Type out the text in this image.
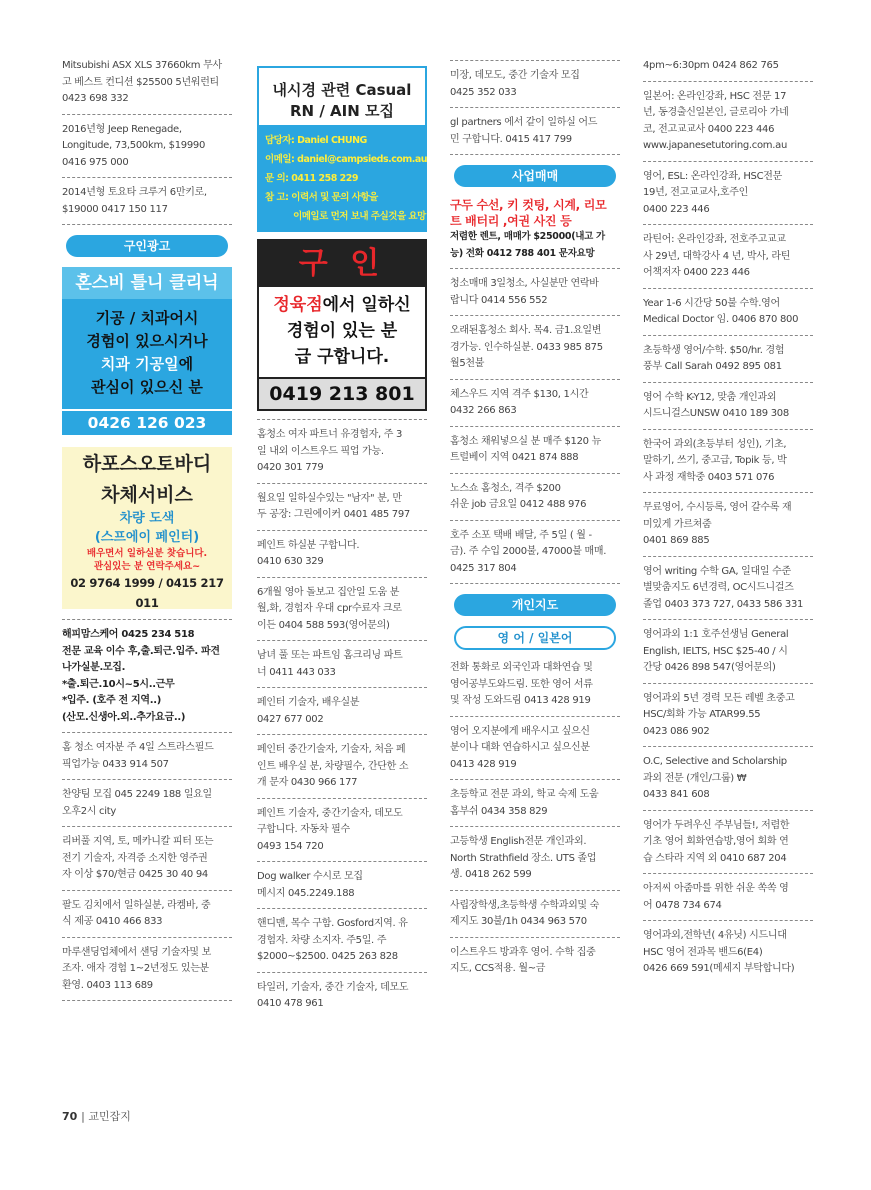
Mitsubishi ASX XLS 37660km 무사
고 베스트 컨디션 $25500 5년워런티
0423 698 332

2016년형 Jeep Renegade,
Longitude, 73,500km, $19990
0416 975 000

2014년형 토요타 크루거 6만키로,
$19000 0417 150 117

구인광고
혼스비 틀니 클리닉
기공 / 치과어시
경험이 있으시거나
치과 기공일에
관심이 있으신 분
0426 126 023
하포스오토바디
차체서비스
차량 도색
(스프에이 페인터)
배우면서 일하실분 찾습니다.
관심있는 분 연락주세요~
02 9764 1999 / 0415 217 011

해피맘스케어 0425 234 518
전문 교육 이수 후,출.퇴근.입주. 파견
나가실분.모집.
*출.퇴근.10시~5시..근무
*입주. (호주 전 지역..)
(산모.신생아.외..추가요금..)

홈 청소 여자분 주 4일 스트라스필드
픽업가능 0433 914 507

찬양팀 모집 045 2249 188 일요일
오후2시 city

리버풀 지역, 토, 메카니칼 피터 또는
전기 기술자, 자격증 소지한 영주권
자 이상 $70/현금 0425 30 40 94

팔도 김치에서 일하실분, 라켐바, 중
식 제공 0410 466 833

마루샌딩업체에서 샌딩 기술자및 보
조자. 애자 경험 1~2년정도 있는분
환영. 0403 113 689

내시경 관련 Casual
RN / AIN 모집
담당자: Daniel CHUNG
이메일: daniel@campsieds.com.au
문 의: 0411 258 229
참 고: 이력서 및 문의 사항을
이메일로 먼저 보내 주실것을 요망
구 인
정육점에서 일하신
경험이 있는 분
급 구합니다.
0419 213 801

홈청소 여자 파트너 유경험자, 주 3
일 내외 이스트우드 픽업 가능.
0420 301 779

월요일 일하실수있는 "남자" 분, 만
두 공장: 그린에이커 0401 485 797

페인트 하실분 구합니다.
0410 630 329

6개월 영아 돌보고 집안일 도움 분
월,화, 경험자 우대 cpr수료자 크로
이든 0404 588 593(영어문의)

남녀 풀 또는 파트임 홈크리닝 파트
너 0411 443 033

페인터 기술자, 배우실분
0427 677 002

페인터 중간기술자, 기술자, 처음 페
인트 배우실 분, 차량필수, 간단한 소
개 문자 0430 966 177

페인트 기술자, 중간기술자, 데모도
구합니다. 자동차 필수
0493 154 720

Dog walker 수시로 모집
메시지 045.2249.188

핸디맨, 목수 구함. Gosford지역. 유
경험자. 차량 소지자. 주5일. 주
$2000~$2500. 0425 263 828

타일러, 기술자, 중간 기술자, 데모도
0410 478 961

미장, 데모도, 중간 기술자 모집
0425 352 033

gl partners 에서 같이 일하실 어드
민 구합니다. 0415 417 799

사업매매

구두 수선, 키 컷팅, 시계, 리모
트 배터리 ,여권 사진 등

저렴한 렌트, 매매가 $25000(내고 가
능) 전화 0412 788 401 문자요망

청소매매 3일청소, 사실분만 연락바
랍니다 0414 556 552

오래된홈청소 회사. 목4. 금1.요일변
경가능. 인수하실분. 0433 985 875
월5천불

체스우드 지역 격주 $130, 1시간
0432 266 863

홈청소 채워넣으실 분 매주 $120 뉴
트럴베이 지역 0421 874 888

노스쇼 홈청소, 격주 $200
쉬운 job 금요일 0412 488 976

호주 소포 택배 배달, 주 5일 ( 월 -
금). 주 수입 2000불, 47000불 매매.
0425 317 804

개인지도
영 어 / 일본어

전화 통화로 외국인과 대화연습 및
영어공부도와드림. 또한 영어 서류
및 작성 도와드림 0413 428 919

영어 오지분에게 배우시고 싶으신
분이나 대화 연습하시고 싶으신분
0413 428 919

초등학교 전문 과외, 학교 숙제 도움
홈부쉬 0434 358 829

고등학생 English전문 개인과외.
North Strathfield 장소. UTS 졸업
생. 0418 262 599

사립장학생,초등학생 수학과외및 숙
제지도 30불/1h 0434 963 570

이스트우드 방과후 영어. 수학 집중
지도, CCS적용. 월~금

4pm~6:30pm 0424 862 765

일본어: 온라인강좌, HSC 전문 17
년, 동경출신일본인, 글로리아 가네
코, 전고교교사 0400 223 446
www.japanesetutoring.com.au

영어, ESL: 온라인강좌, HSC전문
19년, 전고교교사,호주인
0400 223 446

라틴어: 온라인강좌, 전호주고교교
사 29년, 대학강사 4 년, 박사, 라틴
어책저자 0400 223 446

Year 1-6 시간당 50불 수학.영어
Medical Doctor 임. 0406 870 800

초등학생 영어/수학. $50/hr. 경험
풍부 Call Sarah 0492 895 081

영어 수학 K-Y12, 맞춤 개인과외
시드니걸스UNSW 0410 189 308

한국어 과외(초등부터 성인), 기초,
말하기, 쓰기, 중고급, Topik 등, 박
사 과정 재학중 0403 571 076

무료영어, 수시등록, 영어 갈수록 재
미있게 가르쳐줌
0401 869 885

영어 writing 수학 GA, 일대일 수준
별맞춤지도 6년경력, OC시드니걸즈
졸업 0403 373 727, 0433 586 331

영어과외 1:1 호주선생님 General
English, IELTS, HSC $25-40 / 시
간당 0426 898 547(영어문의)

영어과외 5년 경력 모든 레벨 초중고
HSC/회화 가능 ATAR99.55
0423 086 902

O.C, Selective and Scholarship
과외 전문 (개인/그룹) ₩
0433 841 608

영어가 두려우신 주부님들!, 저렴한
기초 영어 회화연습방,영어 회화 연
습 스타라 지역 외 0410 687 204

아저씨 아줌마를 위한 쉬운 쏙쏙 영
어 0478 734 674

영어과외,전학년( 4유닛) 시드니대
HSC 영어 전과목 밴드6(E4)
0426 669 591(메세지 부탁합니다)

70 | 교민잡지
